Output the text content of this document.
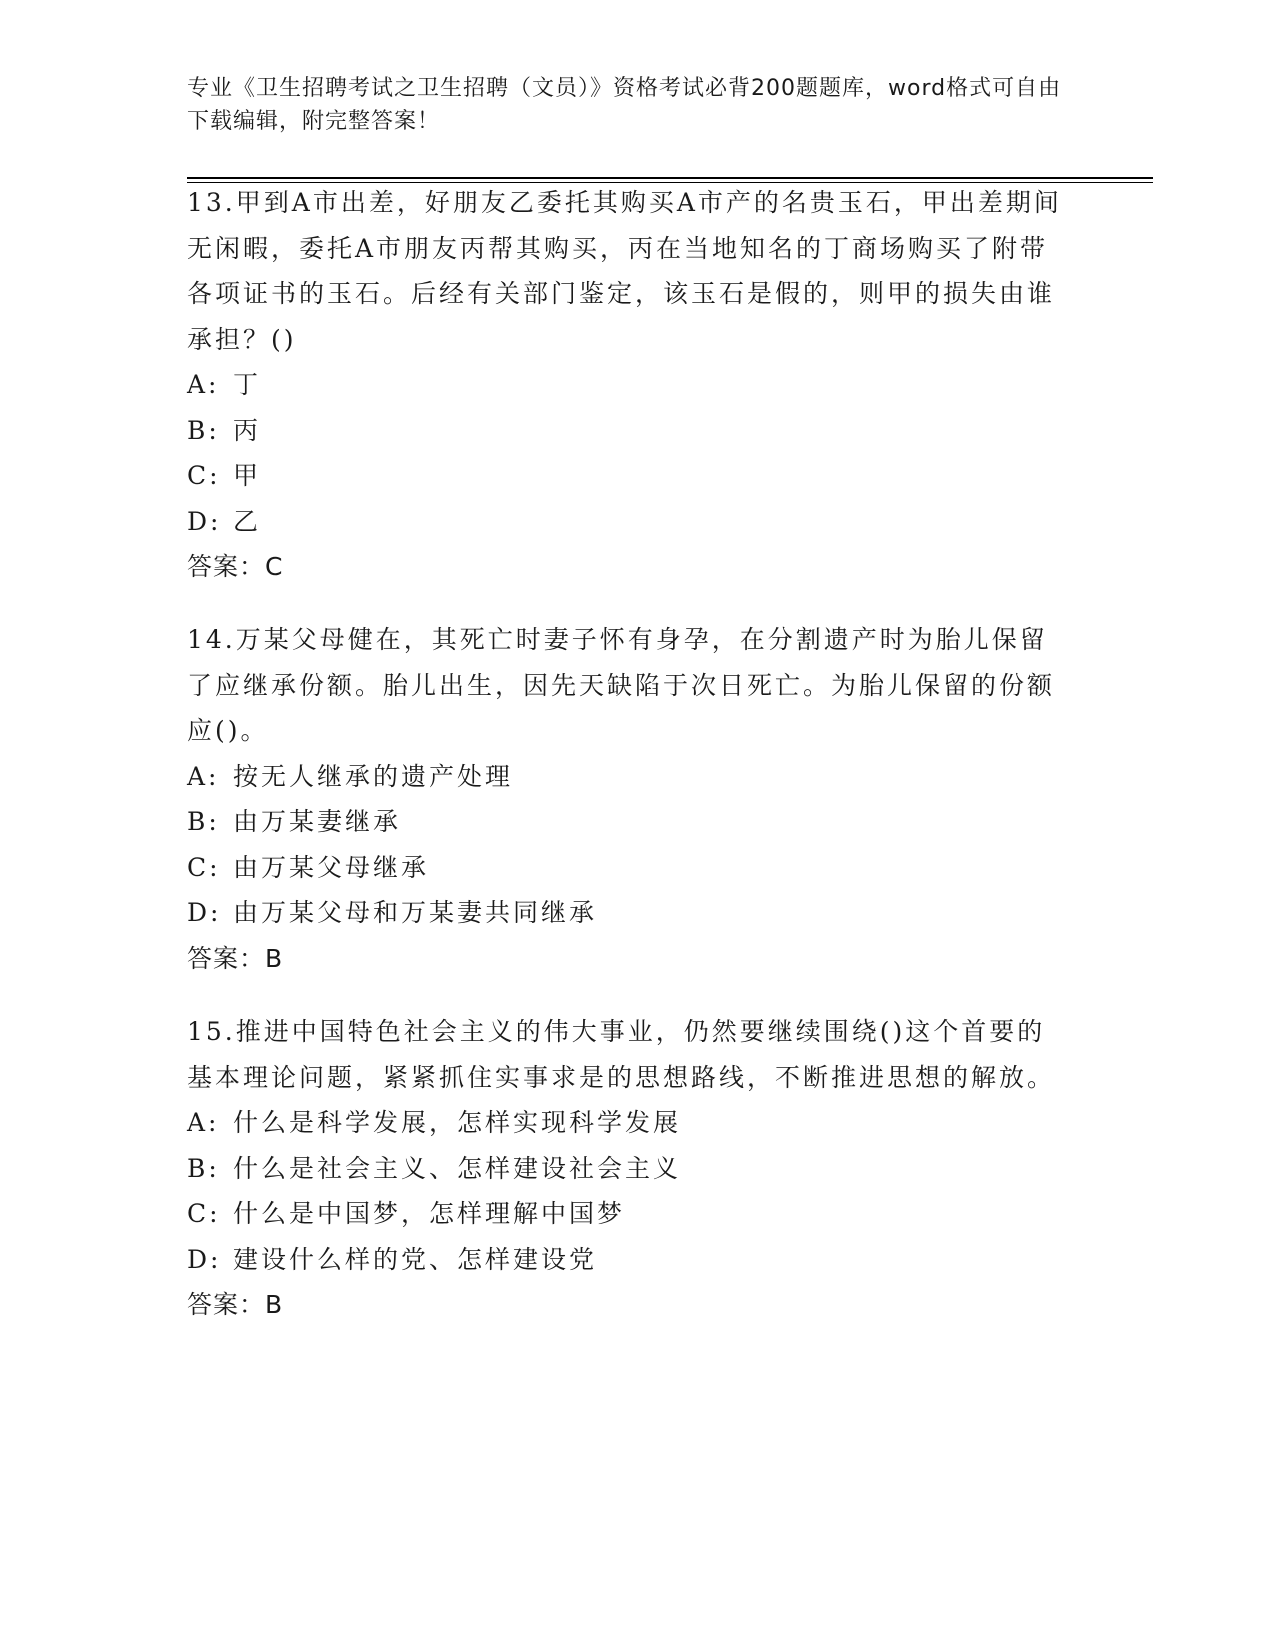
专业《卫生招聘考试之卫生招聘（文员）》资格考试必背200题题库，word格式可自由下载编辑，附完整答案！

13.甲到A市出差，好朋友乙委托其购买A市产的名贵玉石，甲出差期间无闲暇，委托A市朋友丙帮其购买，丙在当地知名的丁商场购买了附带各项证书的玉石。后经有关部门鉴定，该玉石是假的，则甲的损失由谁承担？()

A: 丁

B: 丙

C: 甲

D: 乙

答案：C

14.万某父母健在，其死亡时妻子怀有身孕，在分割遗产时为胎儿保留了应继承份额。胎儿出生，因先天缺陷于次日死亡。为胎儿保留的份额应()。

A: 按无人继承的遗产处理

B: 由万某妻继承

C: 由万某父母继承

D: 由万某父母和万某妻共同继承

答案：B

15.推进中国特色社会主义的伟大事业，仍然要继续围绕()这个首要的基本理论问题，紧紧抓住实事求是的思想路线，不断推进思想的解放。

A: 什么是科学发展，怎样实现科学发展

B: 什么是社会主义、怎样建设社会主义

C: 什么是中国梦，怎样理解中国梦

D: 建设什么样的党、怎样建设党

答案：B
